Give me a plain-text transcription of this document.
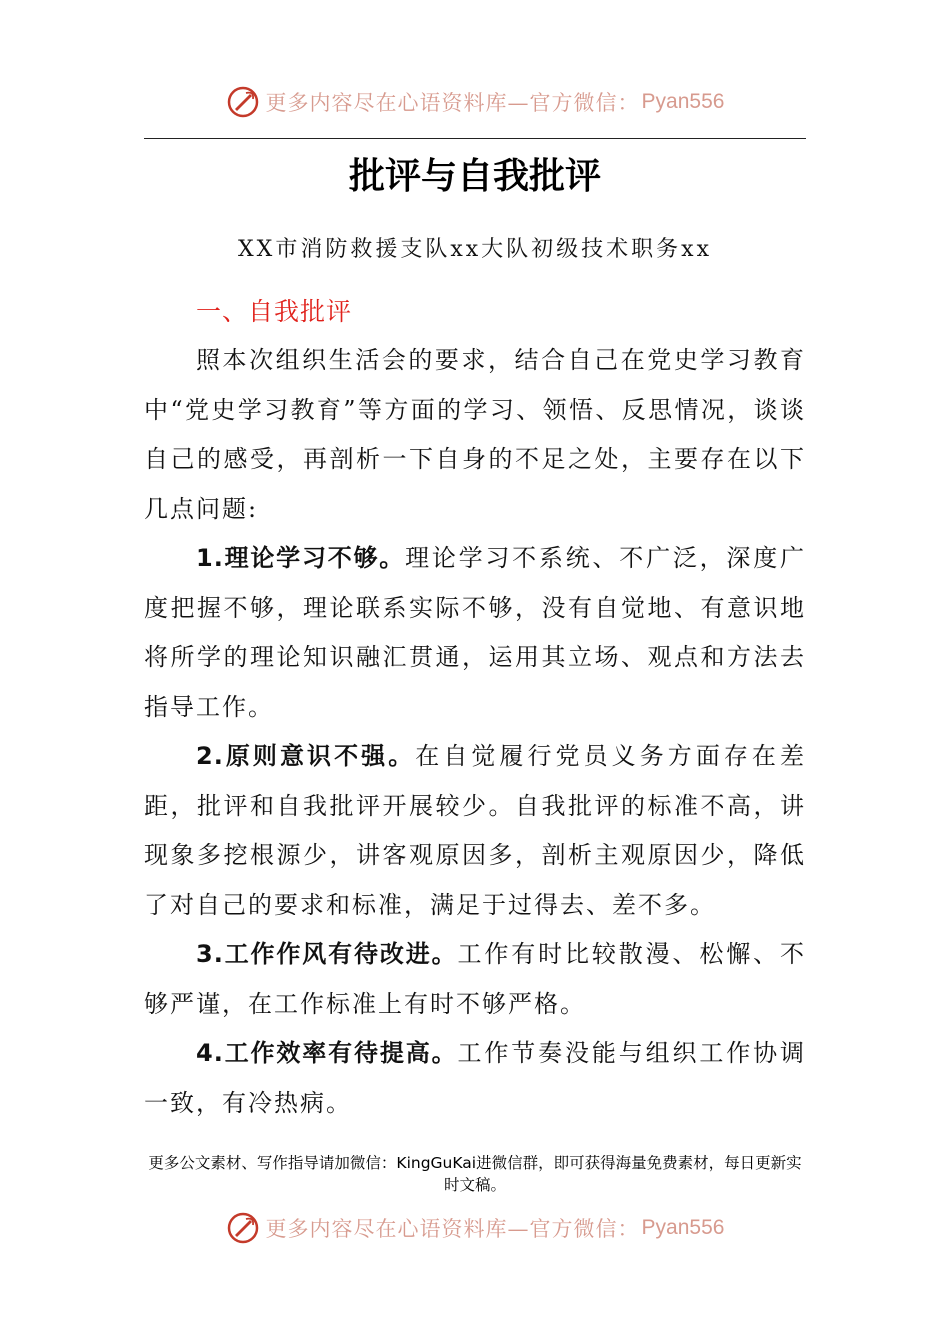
更多内容尽在心语资料库—官方微信： Pyan556
批评与自我批评
XX市消防救援支队xx大队初级技术职务xx
一、自我批评

照本次组织生活会的要求，结合自己在党史学习教育中“党史学习教育”等方面的学习、领悟、反思情况，谈谈自己的感受，再剖析一下自身的不足之处，主要存在以下几点问题:

1.理论学习不够。理论学习不系统、不广泛，深度广度把握不够，理论联系实际不够，没有自觉地、有意识地将所学的理论知识融汇贯通，运用其立场、观点和方法去指导工作。

2.原则意识不强。在自觉履行党员义务方面存在差距，批评和自我批评开展较少。自我批评的标准不高，讲现象多挖根源少，讲客观原因多，剖析主观原因少，降低了对自己的要求和标准，满足于过得去、差不多。

3.工作作风有待改进。工作有时比较散漫、松懈、不够严谨，在工作标准上有时不够严格。

4.工作效率有待提高。工作节奏没能与组织工作协调一致，有冷热病。

更多公文素材、写作指导请加微信：KingGuKai进微信群，即可获得海量免费素材，每日更新实时文稿。
更多内容尽在心语资料库—官方微信： Pyan556
